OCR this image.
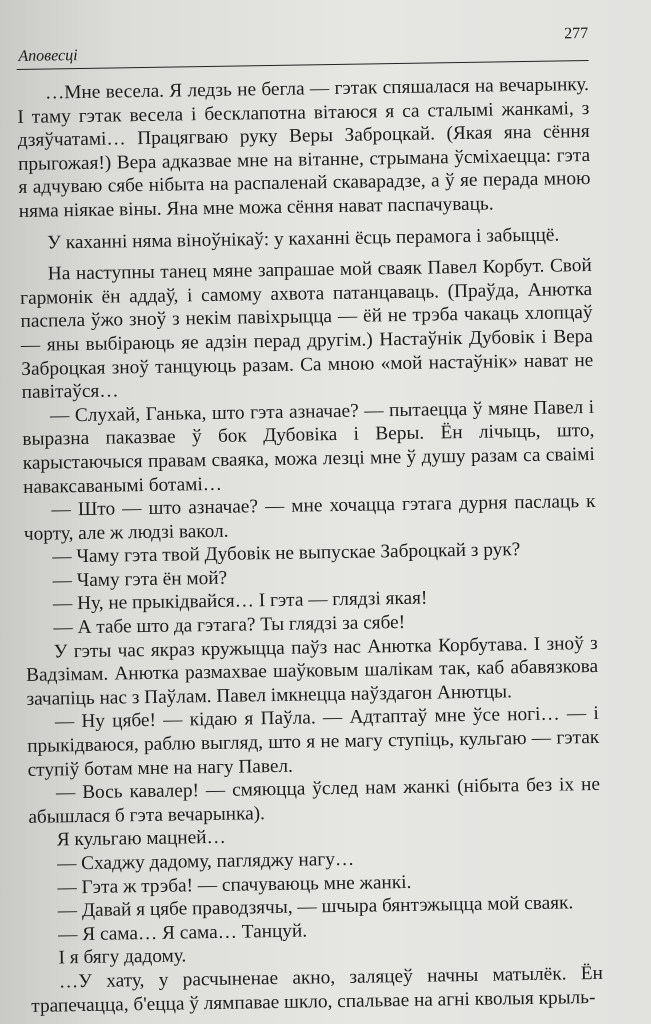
Аповесці
277

…Мне весела. Я ледзь не бегла — гэтак спяшалася на вечарынку. І таму гэтак весела і бесклапотна вітаюся я са сталымі жанкамі, з дзяўчатамі… Працягваю руку Веры Заброцкай. (Якая яна сёння прыгожая!) Вера адказвае мне на вітанне, стрымана ўсміхаецца: гэта я адчуваю сябе нібыта на распаленай скаварадзе, а ў яе перада мною няма ніякае віны. Яна мне можа сёння нават паспачуваць.

У каханні няма віноўнікаў: у каханні ёсць перамога і забыццё.

На наступны танец мяне запрашае мой сваяк Павел Корбут. Свой гармонік ён аддаў, і самому ахвота патанцаваць. (Праўда, Анютка паспела ўжо зноў з некім павіхрыцца — ёй не трэба чакаць хлопцаў — яны выбіраюць яе адзін перад другім.) Настаўнік Дубовік і Вера Заброцкая зноў танцуюць разам. Са мною «мой настаўнік» нават не павітаўся…

— Слухай, Ганька, што гэта азначае? — пытаецца ў мяне Павел і выразна паказвае ў бок Дубовіка і Веры. Ён лічыць, што, карыстаючыся правам сваяка, можа лезці мне ў душу разам са сваімі наваксаванымі ботамі…

— Што — што азначае? — мне хочацца гэтага дурня паслаць к чорту, але ж людзі вакол.

— Чаму гэта твой Дубовік не выпускае Заброцкай з рук?

— Чаму гэта ён мой?

— Ну, не прыкідвайся… І гэта — глядзі якая!

— А табе што да гэтага? Ты глядзі за сябе!

У гэты час якраз кружыцца паўз нас Анютка Корбутава. І зноў з Вадзімам. Анютка размахвае шаўковым шалікам так, каб абавязкова зачапіць нас з Паўлам. Павел імкнецца наўздагон Анютцы.

— Ну цябе! — кідаю я Паўла. — Адтаптаў мне ўсе ногі… — і прыкідваюся, раблю выгляд, што я не магу ступіць, кульгаю — гэтак ступіў ботам мне на нагу Павел.

— Вось кавалер! — смяюцца ўслед нам жанкі (нібыта без іх не абышлася б гэта вечарынка).

Я кульгаю мацней…

— Схаджу дадому, пагляджу нагу…

— Гэта ж трэба! — спачуваюць мне жанкі.

— Давай я цябе праводзячы, — шчыра бянтэжыцца мой сваяк.

— Я сама… Я сама… Танцуй.

І я бягу дадому.

…У хату, у расчыненае акно, заляцеў начны матылёк. Ён трапечацца, б'ецца ў лямпавае шкло, спальвае на агні кволыя крыль-
